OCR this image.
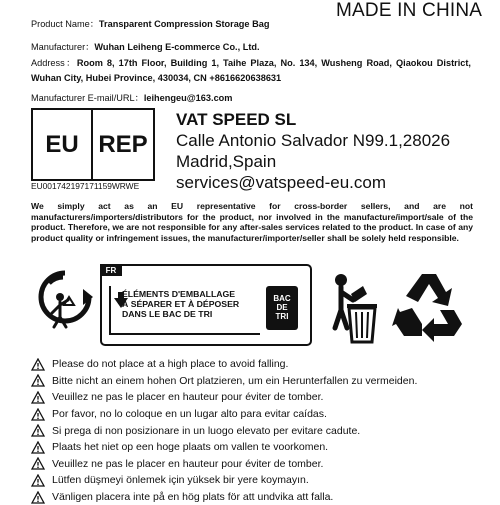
MADE IN CHINA
Product Name：Transparent Compression Storage Bag
Manufacturer：Wuhan Leiheng E-commerce Co., Ltd.
Address：Room 8, 17th Floor, Building 1, Taihe Plaza, No. 134, Wusheng Road, Qiaokou District, Wuhan City, Hubei Province, 430034, CN +8616620638631
Manufacturer E-mail/URL：leihengeu@163.com
EU REP
EU001742197171159WRWE
VAT SPEED SL
Calle Antonio Salvador N99.1,28026
Madrid,Spain
services@vatspeed-eu.com
We simply act as an EU representative for cross-border sellers, and are not manufacturers/importers/distributors for the product, nor involved in the manufacture/import/sale of the product. Therefore, we are not responsible for any after-sales services related to the product. In case of any product quality or infringement issues, the manufacturer/importer/seller shall be solely held responsible.
FR
ÉLÉMENTS D'EMBALLAGE
À SÉPARER ET À DÉPOSER
DANS LE BAC DE TRI
BAC
DE
TRI
Please do not place at a high place to avoid falling.
Bitte nicht an einem hohen Ort platzieren, um ein Herunterfallen zu vermeiden.
Veuillez ne pas le placer en hauteur pour éviter de tomber.
Por favor, no lo coloque en un lugar alto para evitar caídas.
Si prega di non posizionare in un luogo elevato per evitare cadute.
Plaats het niet op een hoge plaats om vallen te voorkomen.
Veuillez ne pas le placer en hauteur pour éviter de tomber.
Lütfen düşmeyi önlemek için yüksek bir yere koymayın.
Vänligen placera inte på en hög plats för att undvika att falla.
